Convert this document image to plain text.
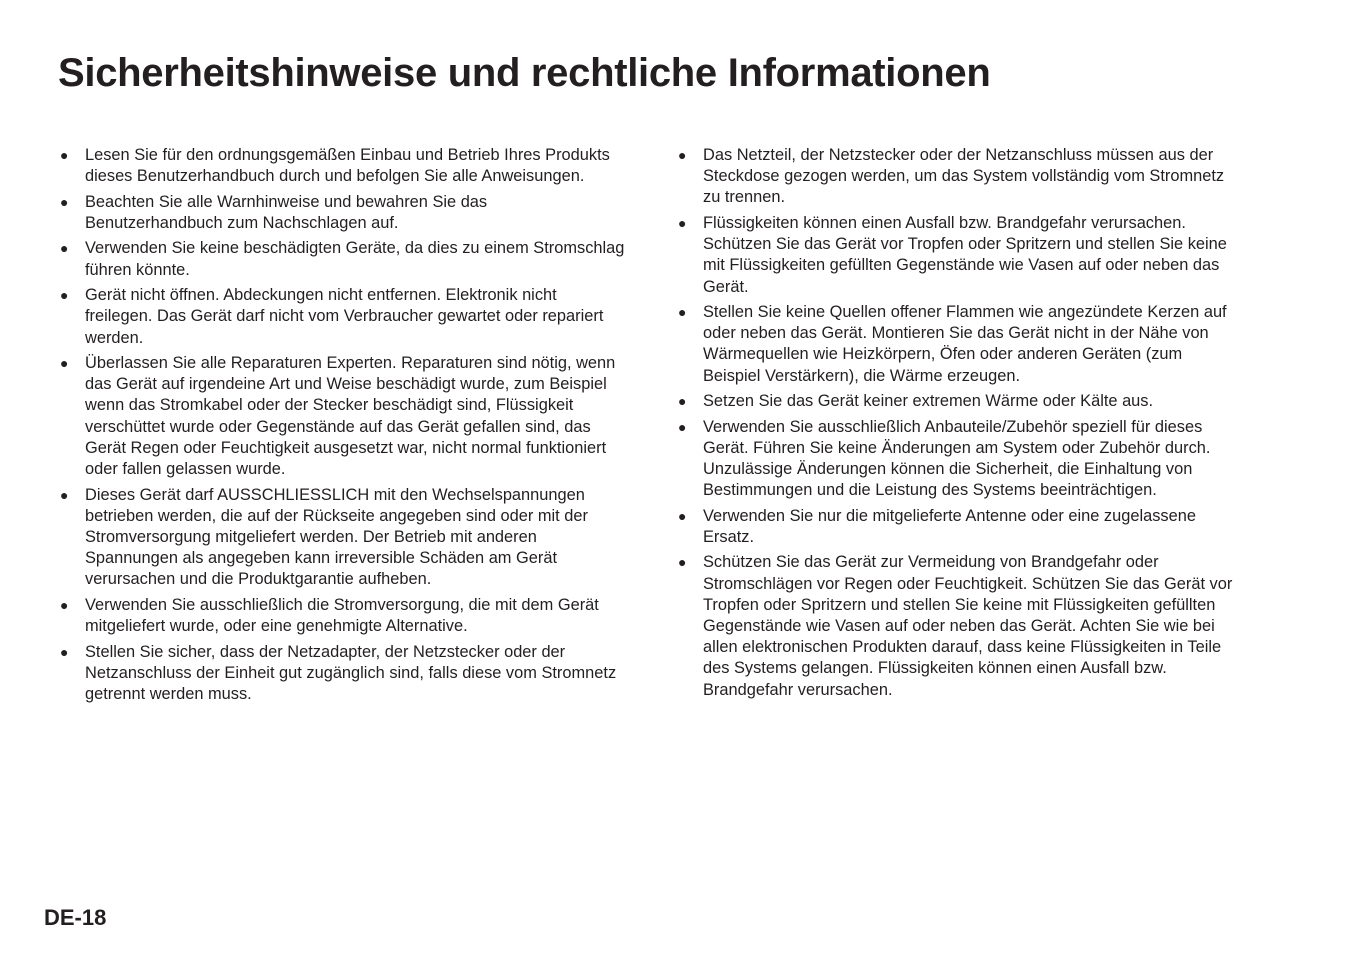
Sicherheitshinweise und rechtliche Informationen
● Lesen Sie für den ordnungsgemäßen Einbau und Betrieb Ihres Produkts dieses Benutzerhandbuch durch und befolgen Sie alle Anweisungen.
● Beachten Sie alle Warnhinweise und bewahren Sie das Benutzerhandbuch zum Nachschlagen auf.
● Verwenden Sie keine beschädigten Geräte, da dies zu einem Stromschlag führen könnte.
● Gerät nicht öffnen. Abdeckungen nicht entfernen. Elektronik nicht freilegen. Das Gerät darf nicht vom Verbraucher gewartet oder repariert werden.
● Überlassen Sie alle Reparaturen Experten. Reparaturen sind nötig, wenn das Gerät auf irgendeine Art und Weise beschädigt wurde, zum Beispiel wenn das Stromkabel oder der Stecker beschädigt sind, Flüssigkeit verschüttet wurde oder Gegenstände auf das Gerät gefallen sind, das Gerät Regen oder Feuchtigkeit ausgesetzt war, nicht normal funktioniert oder fallen gelassen wurde.
● Dieses Gerät darf AUSSCHLIESSLICH mit den Wechselspannungen betrieben werden, die auf der Rückseite angegeben sind oder mit der Stromversorgung mitgeliefert werden. Der Betrieb mit anderen Spannungen als angegeben kann irreversible Schäden am Gerät verursachen und die Produktgarantie aufheben.
● Verwenden Sie ausschließlich die Stromversorgung, die mit dem Gerät mitgeliefert wurde, oder eine genehmigte Alternative.
● Stellen Sie sicher, dass der Netzadapter, der Netzstecker oder der Netzanschluss der Einheit gut zugänglich sind, falls diese vom Stromnetz getrennt werden muss.
● Das Netzteil, der Netzstecker oder der Netzanschluss müssen aus der Steckdose gezogen werden, um das System vollständig vom Stromnetz zu trennen.
● Flüssigkeiten können einen Ausfall bzw. Brandgefahr verursachen. Schützen Sie das Gerät vor Tropfen oder Spritzern und stellen Sie keine mit Flüssigkeiten gefüllten Gegenstände wie Vasen auf oder neben das Gerät.
● Stellen Sie keine Quellen offener Flammen wie angezündete Kerzen auf oder neben das Gerät. Montieren Sie das Gerät nicht in der Nähe von Wärmequellen wie Heizkörpern, Öfen oder anderen Geräten (zum Beispiel Verstärkern), die Wärme erzeugen.
● Setzen Sie das Gerät keiner extremen Wärme oder Kälte aus.
● Verwenden Sie ausschließlich Anbauteile/Zubehör speziell für dieses Gerät. Führen Sie keine Änderungen am System oder Zubehör durch. Unzulässige Änderungen können die Sicherheit, die Einhaltung von Bestimmungen und die Leistung des Systems beeinträchtigen.
● Verwenden Sie nur die mitgelieferte Antenne oder eine zugelassene Ersatz.
● Schützen Sie das Gerät zur Vermeidung von Brandgefahr oder Stromschlägen vor Regen oder Feuchtigkeit. Schützen Sie das Gerät vor Tropfen oder Spritzern und stellen Sie keine mit Flüssigkeiten gefüllten Gegenstände wie Vasen auf oder neben das Gerät. Achten Sie wie bei allen elektronischen Produkten darauf, dass keine Flüssigkeiten in Teile des Systems gelangen. Flüssigkeiten können einen Ausfall bzw. Brandgefahr verursachen.

DE-18
